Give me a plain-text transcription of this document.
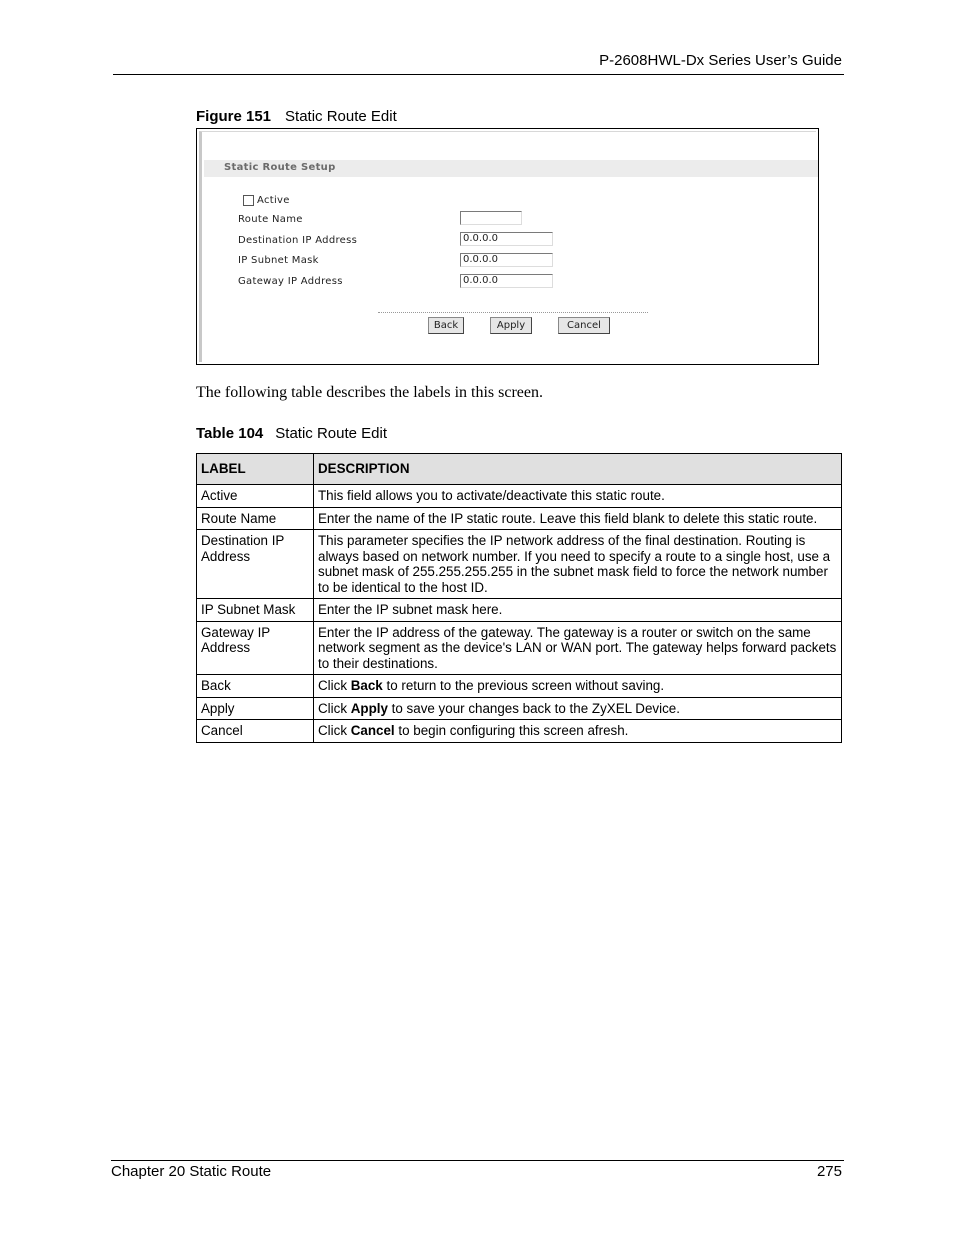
P-2608HWL-Dx Series User’s Guide
Figure 151 Static Route Edit
Static Route Setup
Active
Route Name
Destination IP Address	0.0.0.0
IP Subnet Mask	0.0.0.0
Gateway IP Address	0.0.0.0
Back	Apply	Cancel
The following table describes the labels in this screen.
Table 104 Static Route Edit
LABEL	DESCRIPTION
Active	This field allows you to activate/deactivate this static route.
Route Name	Enter the name of the IP static route. Leave this field blank to delete this static route.
Destination IP Address	This parameter specifies the IP network address of the final destination. Routing is always based on network number. If you need to specify a route to a single host, use a subnet mask of 255.255.255.255 in the subnet mask field to force the network number to be identical to the host ID.
IP Subnet Mask	Enter the IP subnet mask here.
Gateway IP Address	Enter the IP address of the gateway. The gateway is a router or switch on the same network segment as the device's LAN or WAN port. The gateway helps forward packets to their destinations.
Back	Click Back to return to the previous screen without saving.
Apply	Click Apply to save your changes back to the ZyXEL Device.
Cancel	Click Cancel to begin configuring this screen afresh.
Chapter 20 Static Route	275
